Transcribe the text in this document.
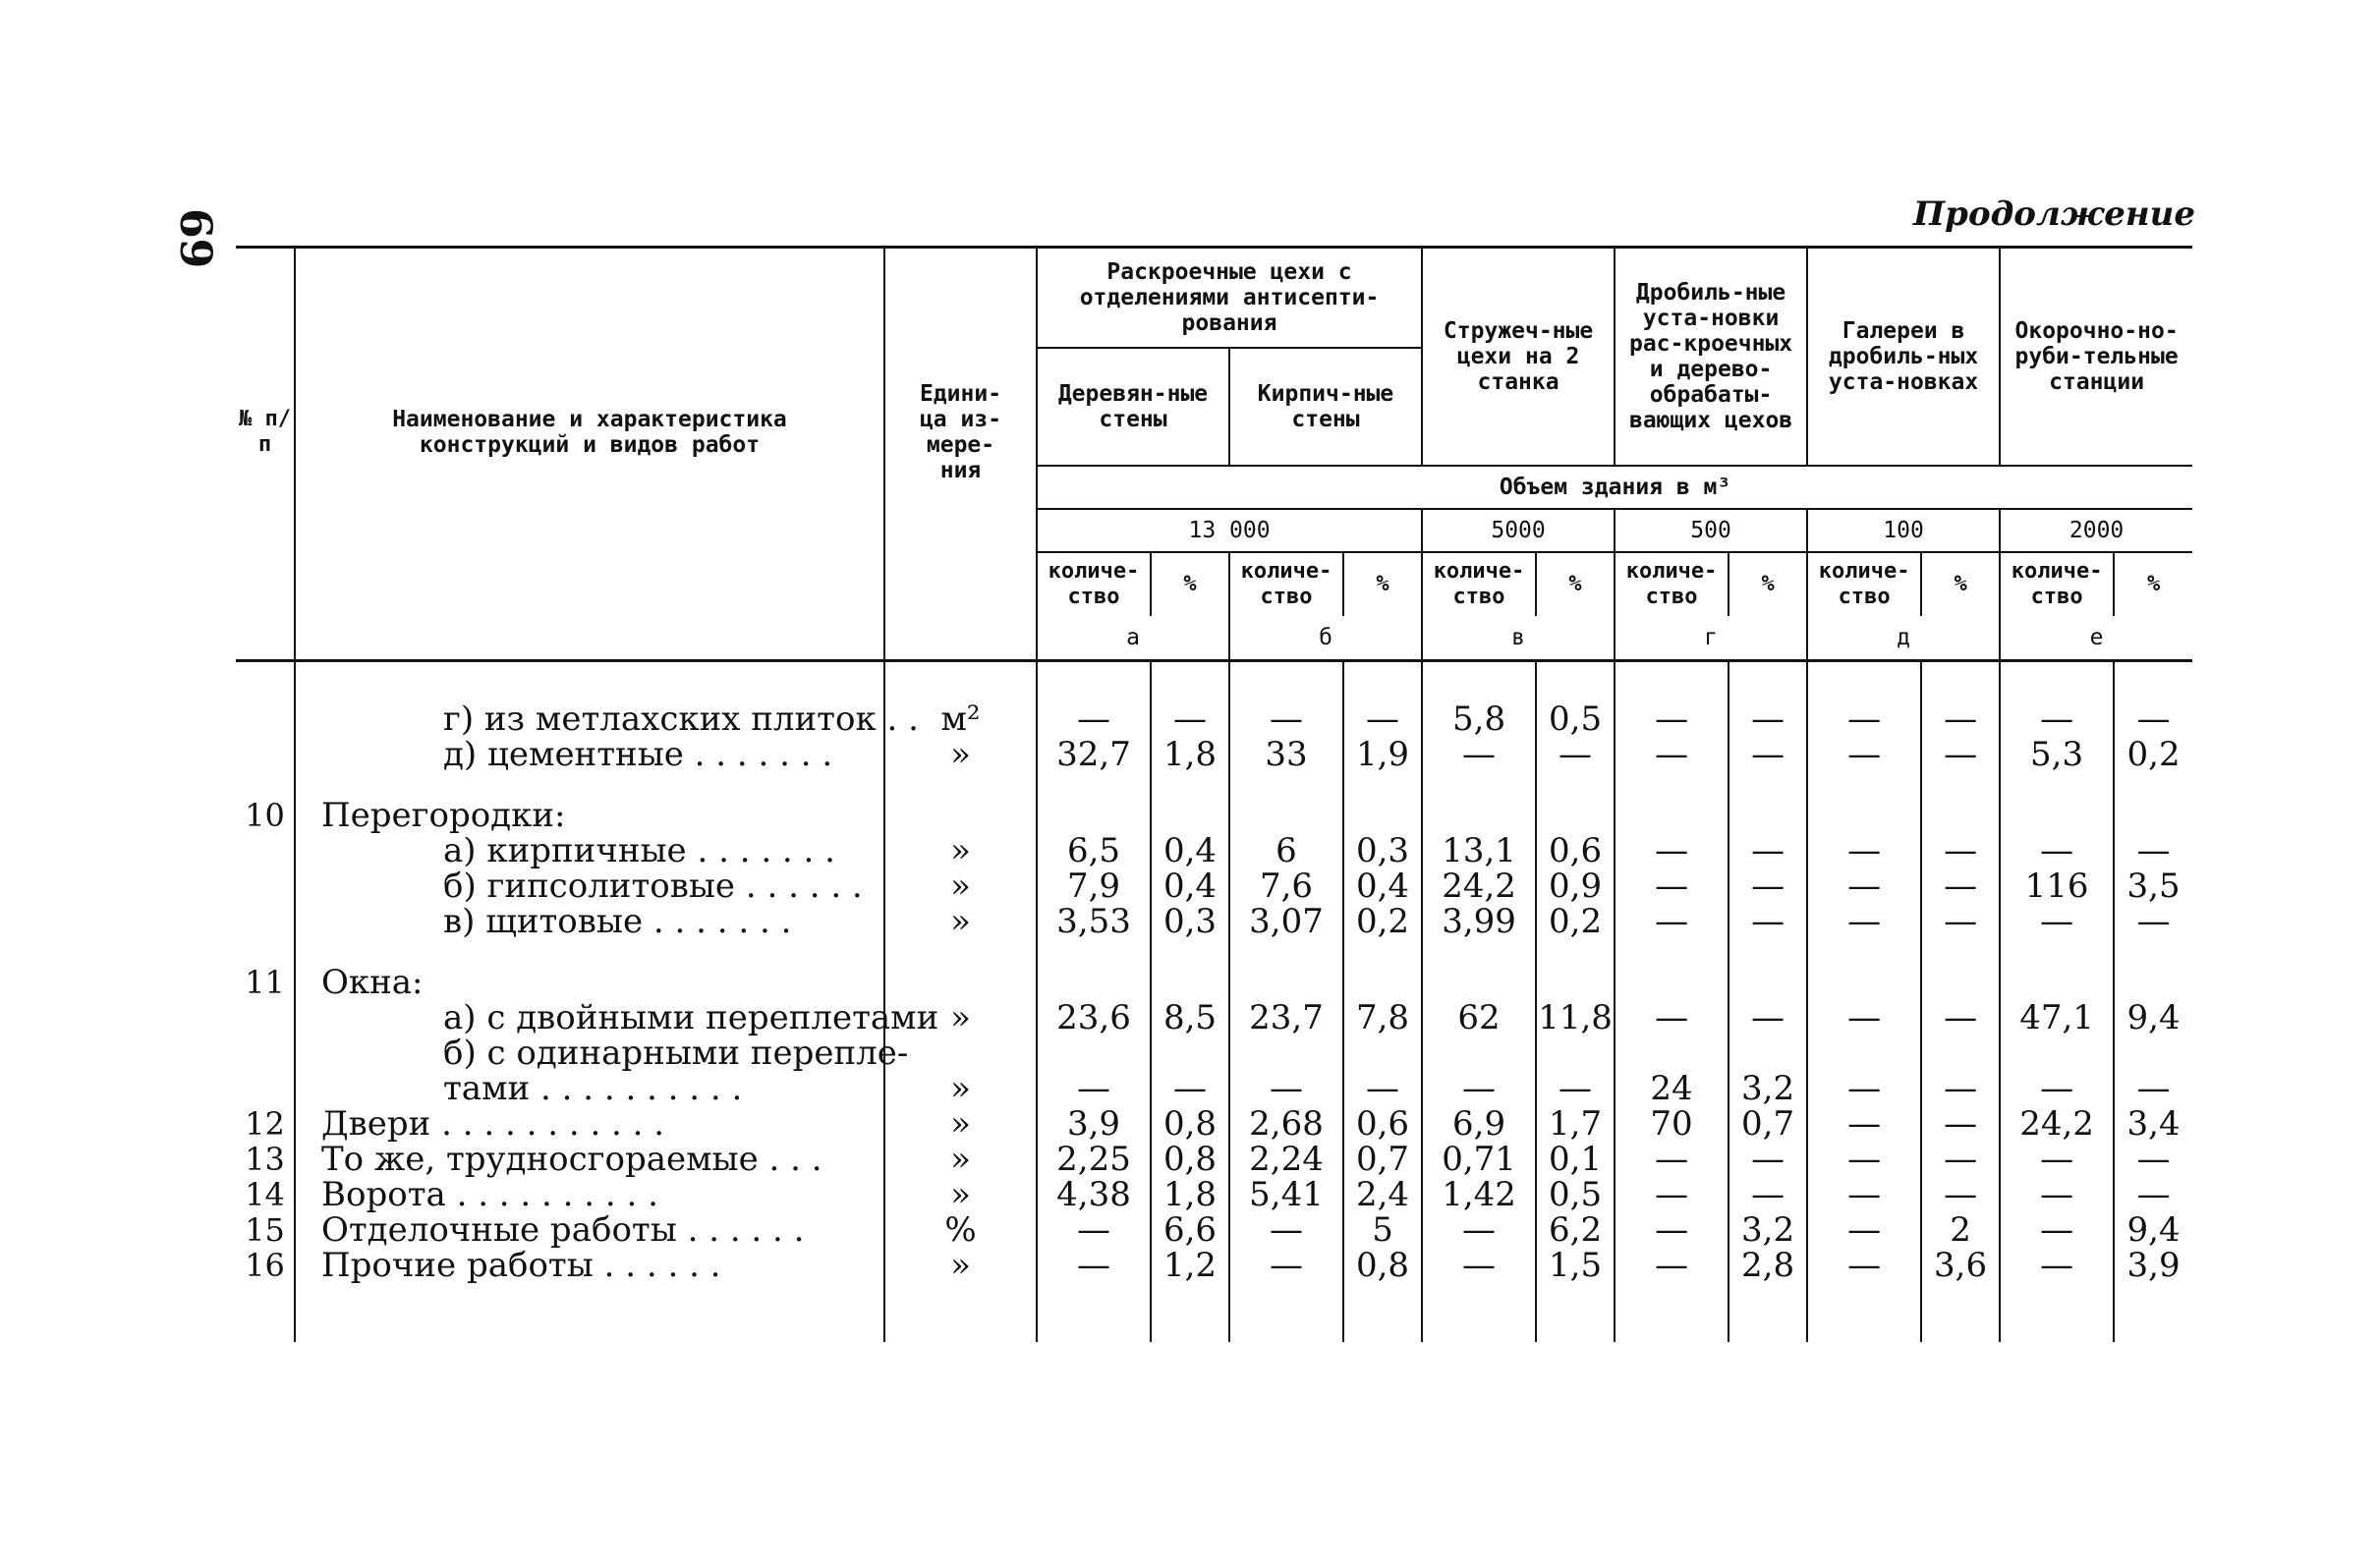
69	Продолжение
№ п/п	Наименование и характеристика конструкций и видов работ	Едини-ца из-мере-ния	Раскроечные цехи с отделениями антисепти-рования				Стружеч-ные цехи на 2 станка		Дробиль-ные уста-новки рас-кроечных и дерево-обрабаты-вающих цехов		Галереи в дробиль-ных уста-новках		Окорочно-но-руби-тельные станции	
			Деревян-ные стены		Кирпич-ные стены									
			Объем здания в м³											
			13 000				5000		500		100		2000	
			количе-ство	%	количе-ство	%	количе-ство	%	количе-ство	%	количе-ство	%	количе-ство	%
			а		б		в		г		д		е	

	г) из метлахских плиток . .	м²	—	—	—	—	5,8	0,5	—	—	—	—	—	—
	д) цементные . . . . . . .	»	32,7	1,8	33	1,9	—	—	—	—	—	—	5,3	0,2
10	Перегородки:													
	а) кирпичные . . . . . . .	»	6,5	0,4	6	0,3	13,1	0,6	—	—	—	—	—	—
	б) гипсолитовые . . . . . .	»	7,9	0,4	7,6	0,4	24,2	0,9	—	—	—	—	116	3,5
	в) щитовые . . . . . . .	»	3,53	0,3	3,07	0,2	3,99	0,2	—	—	—	—	—	—
11	Окна:													
	а) с двойными переплетами	»	23,6	8,5	23,7	7,8	62	11,8	—	—	—	—	47,1	9,4
	б) с одинарными перепле-													
	тами . . . . . . . . . .	»	—	—	—	—	—	—	24	3,2	—	—	—	—
12	Двери . . . . . . . . . . .	»	3,9	0,8	2,68	0,6	6,9	1,7	70	0,7	—	—	24,2	3,4
13	То же, трудносгораемые . . .	»	2,25	0,8	2,24	0,7	0,71	0,1	—	—	—	—	—	—
14	Ворота . . . . . . . . . .	»	4,38	1,8	5,41	2,4	1,42	0,5	—	—	—	—	—	—
15	Отделочные работы . . . . . .	%	—	6,6	—	5	—	6,2	—	3,2	—	2	—	9,4
16	Прочие работы . . . . . .	»	—	1,2	—	0,8	—	1,5	—	2,8	—	3,6	—	3,9
